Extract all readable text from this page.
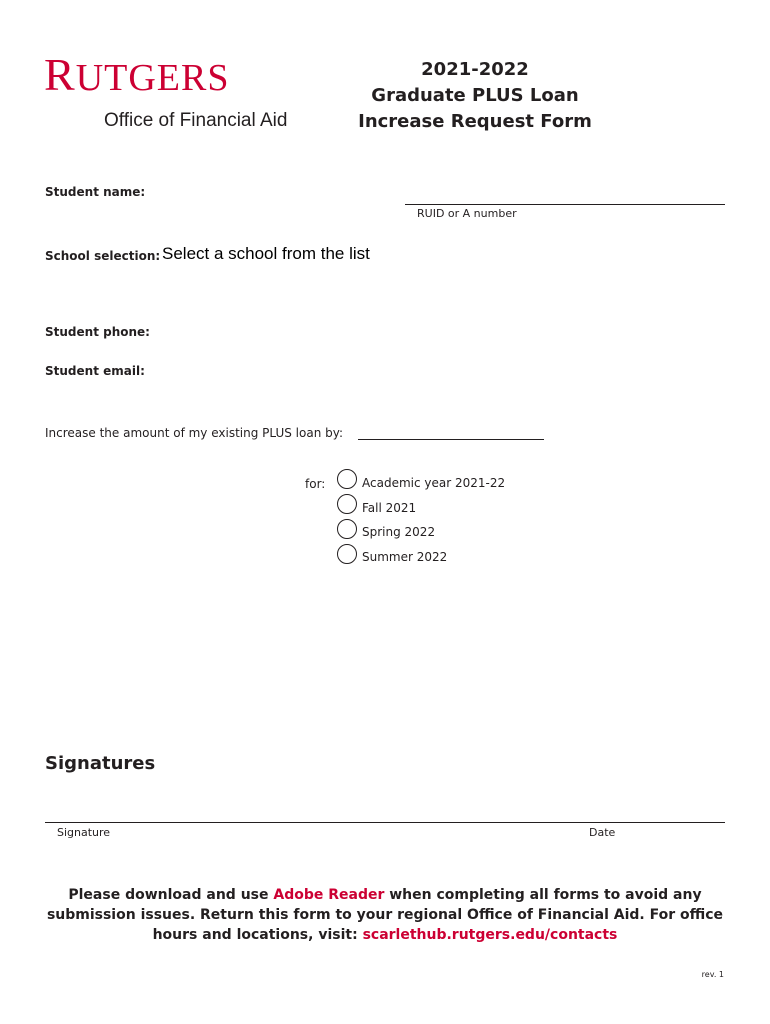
RUTGERS
Office of Financial Aid
2021-2022
Graduate PLUS Loan
Increase Request Form
Student name:
RUID or A number
School selection: Select a school from the list
Student phone:
Student email:
Increase the amount of my existing PLUS loan by:
for:	Academic year 2021-22
Fall 2021
Spring 2022
Summer 2022
Signatures
Signature	Date
Please download and use Adobe Reader when completing all forms to avoid any submission issues. Return this form to your regional Office of Financial Aid. For office hours and locations, visit: scarlethub.rutgers.edu/contacts
rev. 1
